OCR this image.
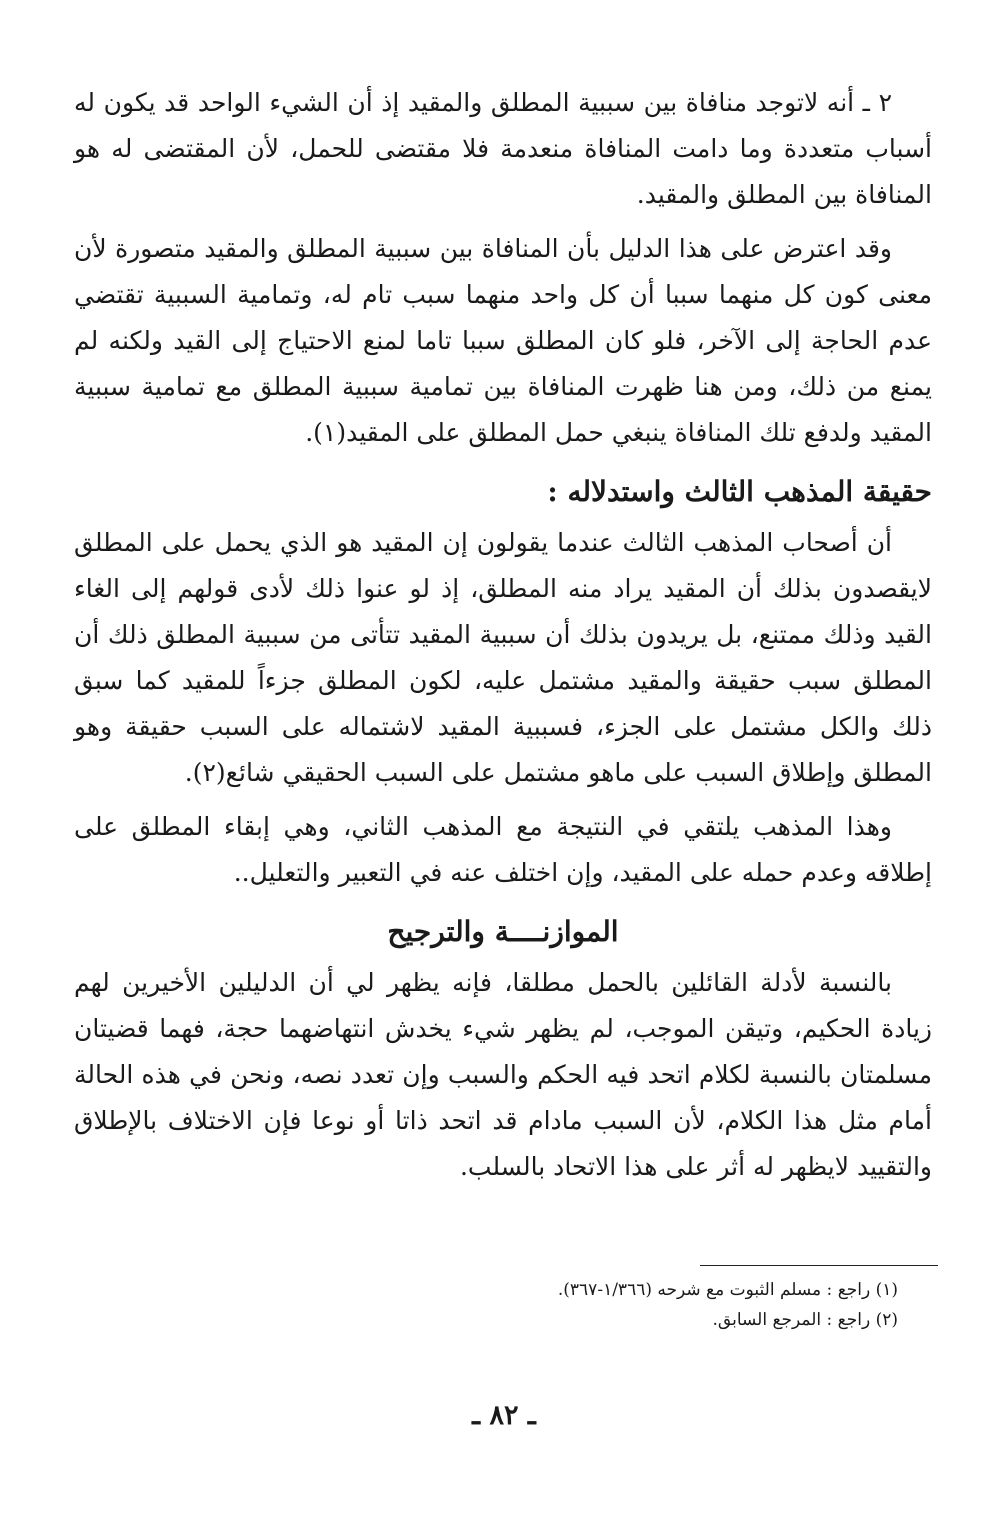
٢ ـ أنه لاتوجد منافاة بين سببية المطلق والمقيد إذ أن الشيء الواحد قد يكون له أسباب متعددة وما دامت المنافاة منعدمة فلا مقتضى للحمل، لأن المقتضى له هو المنافاة بين المطلق والمقيد.

وقد اعترض على هذا الدليل بأن المنافاة بين سببية المطلق والمقيد متصورة لأن معنى كون كل منهما سببا أن كل واحد منهما سبب تام له، وتمامية السببية تقتضي عدم الحاجة إلى الآخر، فلو كان المطلق سببا تاما لمنع الاحتياج إلى القيد ولكنه لم يمنع من ذلك، ومن هنا ظهرت المنافاة بين تمامية سببية المطلق مع تمامية سببية المقيد ولدفع تلك المنافاة ينبغي حمل المطلق على المقيد(١).

حقيقة المذهب الثالث واستدلاله :

أن أصحاب المذهب الثالث عندما يقولون إن المقيد هو الذي يحمل على المطلق لايقصدون بذلك أن المقيد يراد منه المطلق، إذ لو عنوا ذلك لأدى قولهم إلى الغاء القيد وذلك ممتنع، بل يريدون بذلك أن سببية المقيد تتأتى من سببية المطلق ذلك أن المطلق سبب حقيقة والمقيد مشتمل عليه، لكون المطلق جزءاً للمقيد كما سبق ذلك والكل مشتمل على الجزء، فسببية المقيد لاشتماله على السبب حقيقة وهو المطلق وإطلاق السبب على ماهو مشتمل على السبب الحقيقي شائع(٢).

وهذا المذهب يلتقي في النتيجة مع المذهب الثاني، وهي إبقاء المطلق على إطلاقه وعدم حمله على المقيد، وإن اختلف عنه في التعبير والتعليل..

الموازنــــة والترجيح

بالنسبة لأدلة القائلين بالحمل مطلقا، فإنه يظهر لي أن الدليلين الأخيرين لهم زيادة الحكيم، وتيقن الموجب، لم يظهر شيء يخدش انتهاضهما حجة، فهما قضيتان مسلمتان بالنسبة لكلام اتحد فيه الحكم والسبب وإن تعدد نصه، ونحن في هذه الحالة أمام مثل هذا الكلام، لأن السبب مادام قد اتحد ذاتا أو نوعا فإن الاختلاف بالإطلاق والتقييد لايظهر له أثر على هذا الاتحاد بالسلب.

(١) راجع : مسلم الثبوت مع شرحه (١/٣٦٦-٣٦٧).
(٢) راجع : المرجع السابق.
ـ ٨٢ ـ
